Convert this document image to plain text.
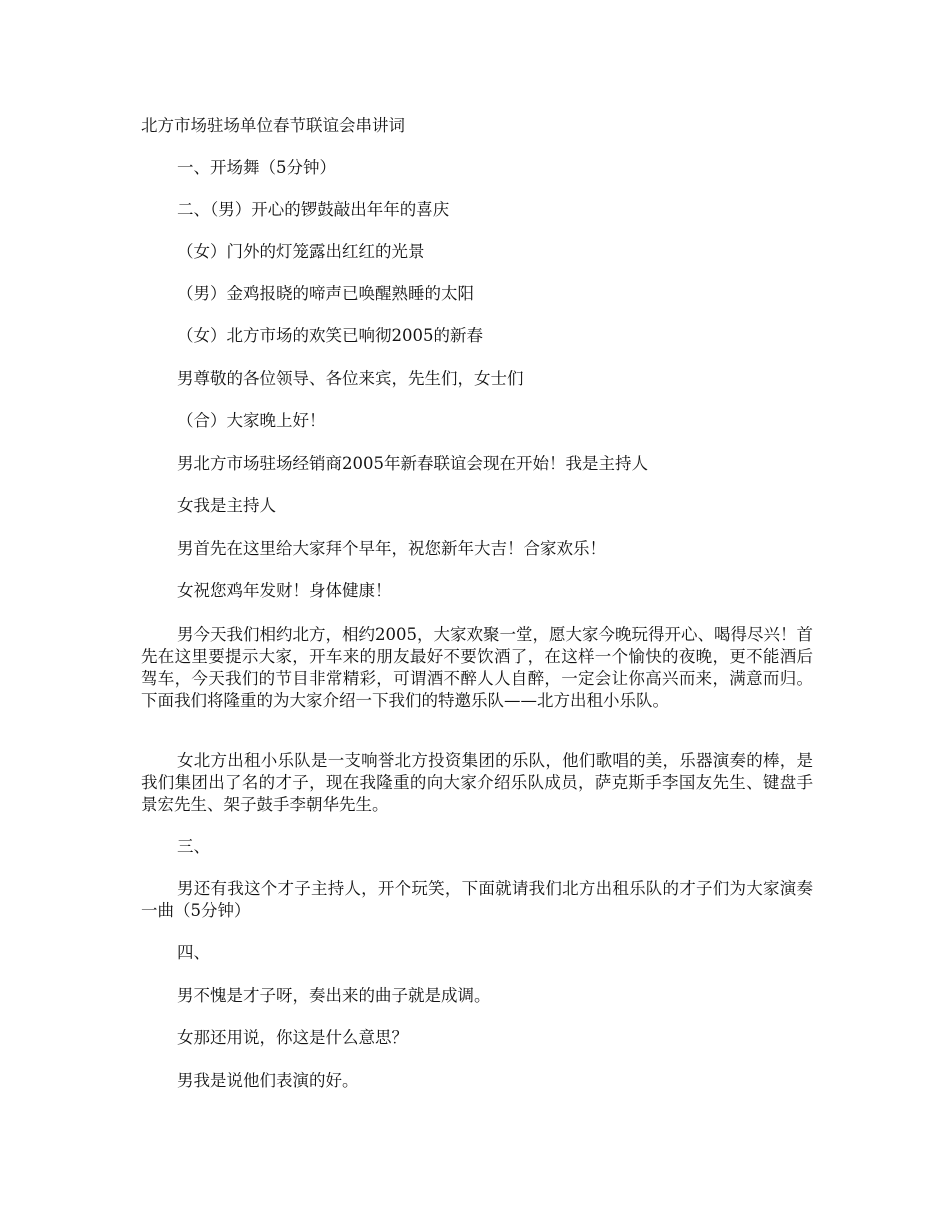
北方市场驻场单位春节联谊会串讲词
一、开场舞（5分钟）
二、（男）开心的锣鼓敲出年年的喜庆
（女）门外的灯笼露出红红的光景
（男）金鸡报晓的啼声已唤醒熟睡的太阳
（女）北方市场的欢笑已响彻2005的新春
男尊敬的各位领导、各位来宾，先生们，女士们
（合）大家晚上好！
男北方市场驻场经销商2005年新春联谊会现在开始！我是主持人
女我是主持人
男首先在这里给大家拜个早年，祝您新年大吉！合家欢乐！
女祝您鸡年发财！身体健康！
男今天我们相约北方，相约2005，大家欢聚一堂，愿大家今晚玩得开心、喝得尽兴！首先在这里要提示大家，开车来的朋友最好不要饮酒了，在这样一个愉快的夜晚，更不能酒后驾车，今天我们的节目非常精彩，可谓酒不醉人人自醉，一定会让你高兴而来，满意而归。下面我们将隆重的为大家介绍一下我们的特邀乐队——北方出租小乐队。
女北方出租小乐队是一支响誉北方投资集团的乐队，他们歌唱的美，乐器演奏的棒，是我们集团出了名的才子，现在我隆重的向大家介绍乐队成员，萨克斯手李国友先生、键盘手景宏先生、架子鼓手李朝华先生。
三、
男还有我这个才子主持人，开个玩笑，下面就请我们北方出租乐队的才子们为大家演奏一曲（5分钟）
四、
男不愧是才子呀，奏出来的曲子就是成调。
女那还用说，你这是什么意思？
男我是说他们表演的好。
